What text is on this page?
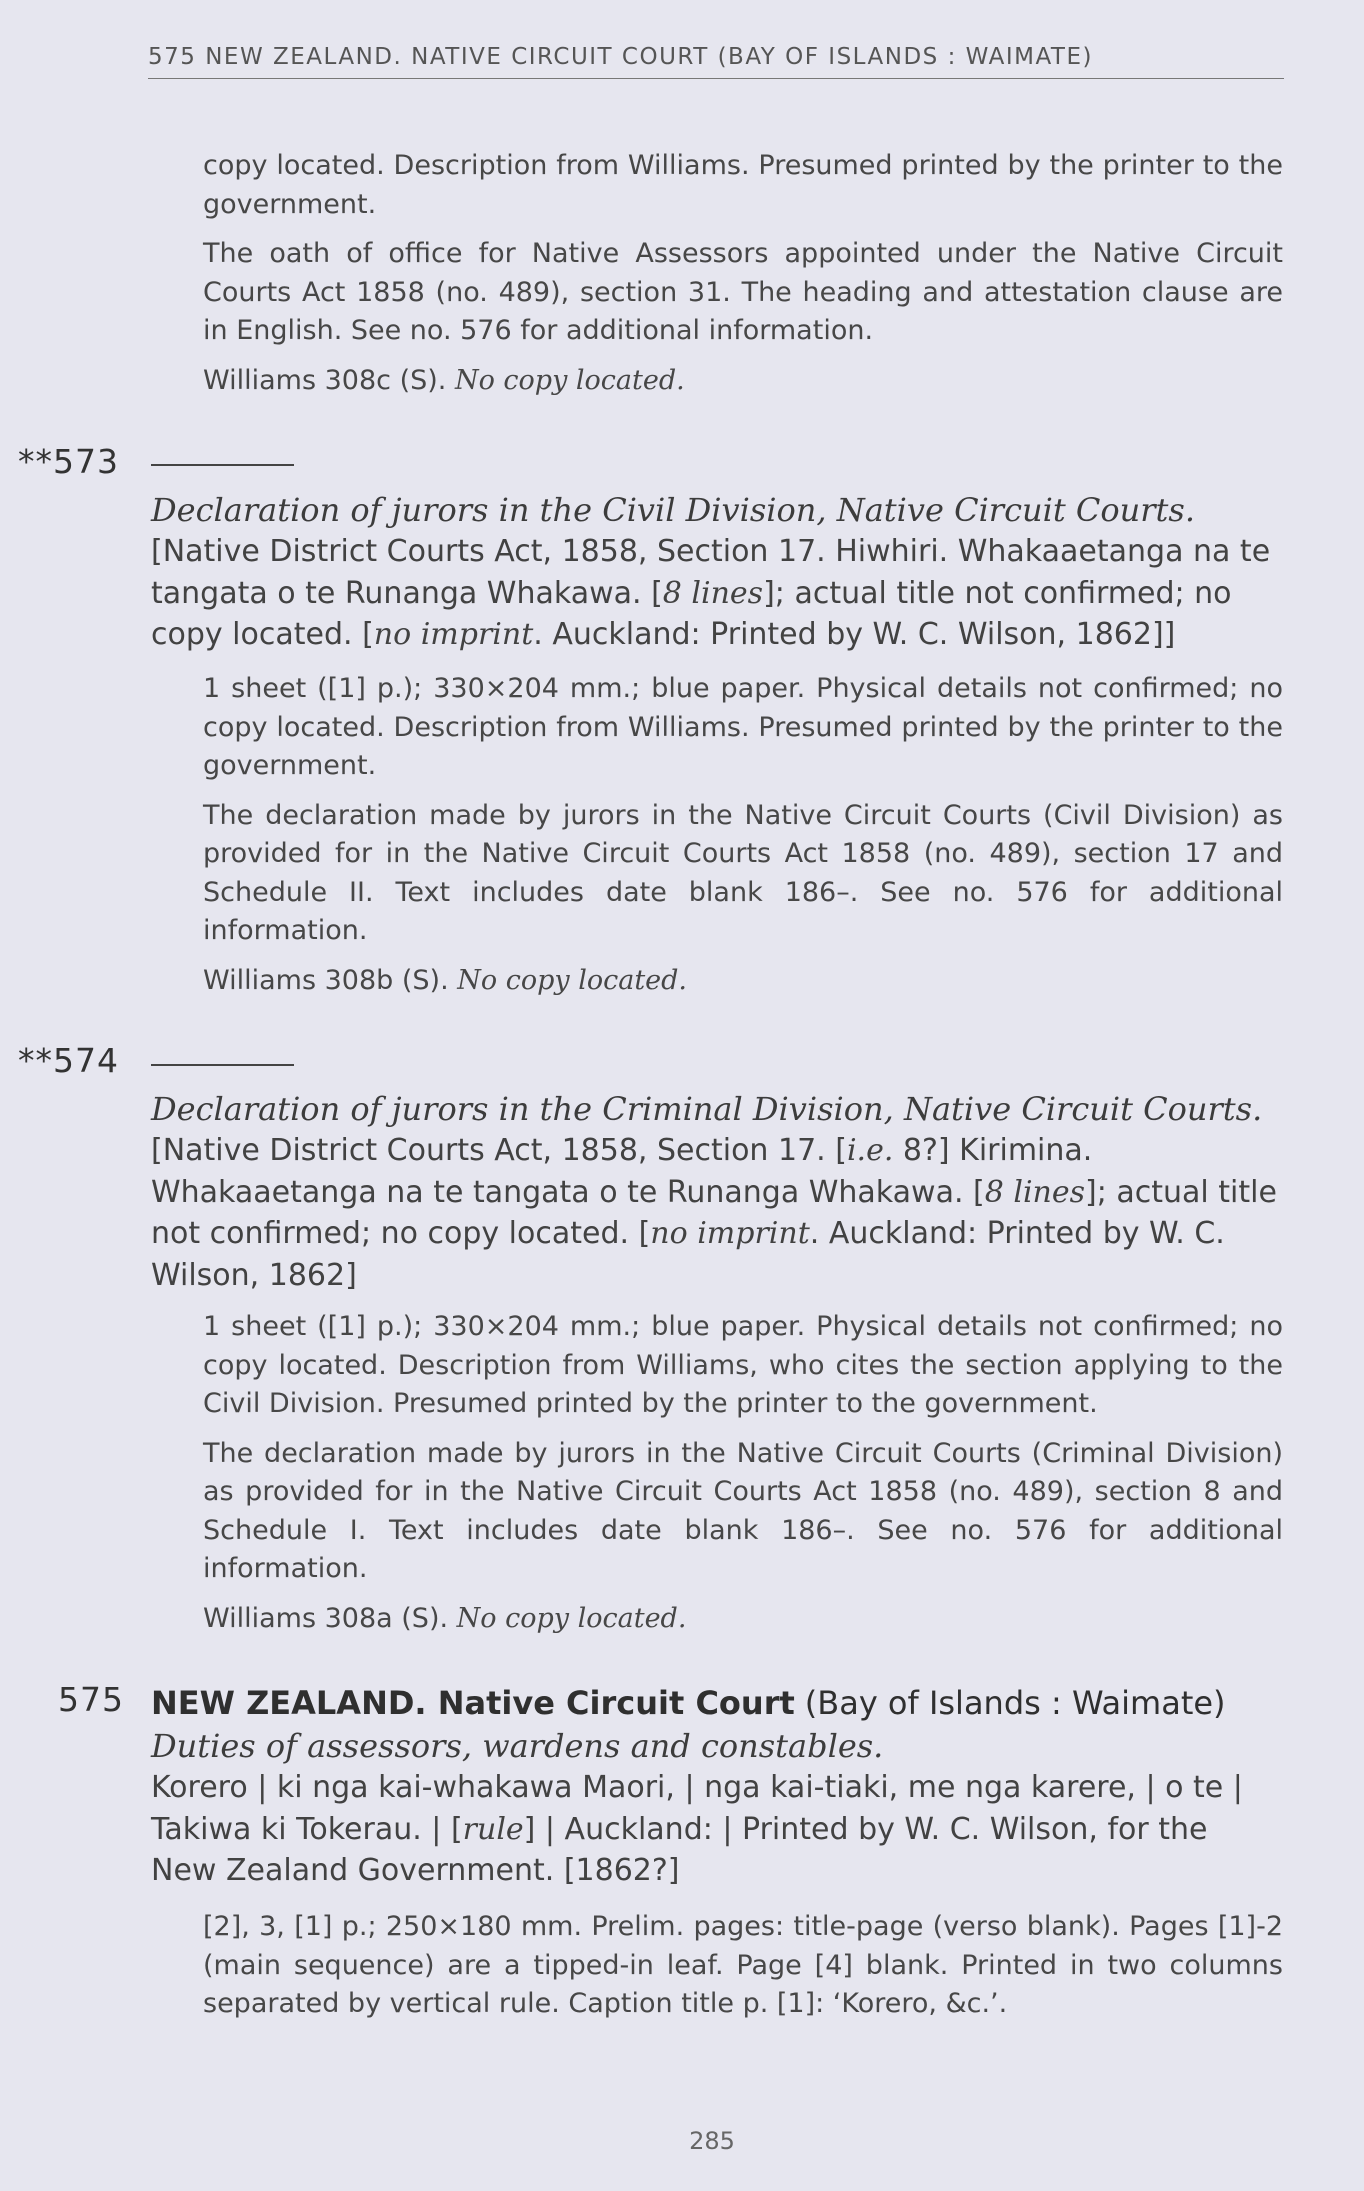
575 NEW ZEALAND. NATIVE CIRCUIT COURT (BAY OF ISLANDS : WAIMATE)

copy located. Description from Williams. Presumed printed by the printer to the government.

The oath of office for Native Assessors appointed under the Native Circuit Courts Act 1858 (no. 489), section 31. The heading and attestation clause are in English. See no. 576 for additional information.

Williams 308c (S). No copy located.

**573

Declaration of jurors in the Civil Division, Native Circuit Courts.

[Native District Courts Act, 1858, Section 17. Hiwhiri. Whakaaetanga na te tangata o te Runanga Whakawa. [8 lines]; actual title not confirmed; no copy located. [no imprint. Auckland: Printed by W. C. Wilson, 1862]]

1 sheet ([1] p.); 330×204 mm.; blue paper. Physical details not confirmed; no copy located. Description from Williams. Presumed printed by the printer to the government.

The declaration made by jurors in the Native Circuit Courts (Civil Division) as provided for in the Native Circuit Courts Act 1858 (no. 489), section 17 and Schedule II. Text includes date blank 186–. See no. 576 for additional information.

Williams 308b (S). No copy located.

**574

Declaration of jurors in the Criminal Division, Native Circuit Courts.

[Native District Courts Act, 1858, Section 17. [i.e. 8?] Kirimina. Whakaaetanga na te tangata o te Runanga Whakawa. [8 lines]; actual title not confirmed; no copy located. [no imprint. Auckland: Printed by W. C. Wilson, 1862]

1 sheet ([1] p.); 330×204 mm.; blue paper. Physical details not confirmed; no copy located. Description from Williams, who cites the section applying to the Civil Division. Presumed printed by the printer to the government.

The declaration made by jurors in the Native Circuit Courts (Criminal Division) as provided for in the Native Circuit Courts Act 1858 (no. 489), section 8 and Schedule I. Text includes date blank 186–. See no. 576 for additional information.

Williams 308a (S). No copy located.

575 NEW ZEALAND. Native Circuit Court (Bay of Islands : Waimate)

Duties of assessors, wardens and constables.

Korero | ki nga kai-whakawa Maori, | nga kai-tiaki, me nga karere, | o te | Takiwa ki Tokerau. | [rule] | Auckland: | Printed by W. C. Wilson, for the New Zealand Government. [1862?]

[2], 3, [1] p.; 250×180 mm. Prelim. pages: title-page (verso blank). Pages [1]-2 (main sequence) are a tipped-in leaf. Page [4] blank. Printed in two columns separated by vertical rule. Caption title p. [1]: ‘Korero, &c.’.

285
